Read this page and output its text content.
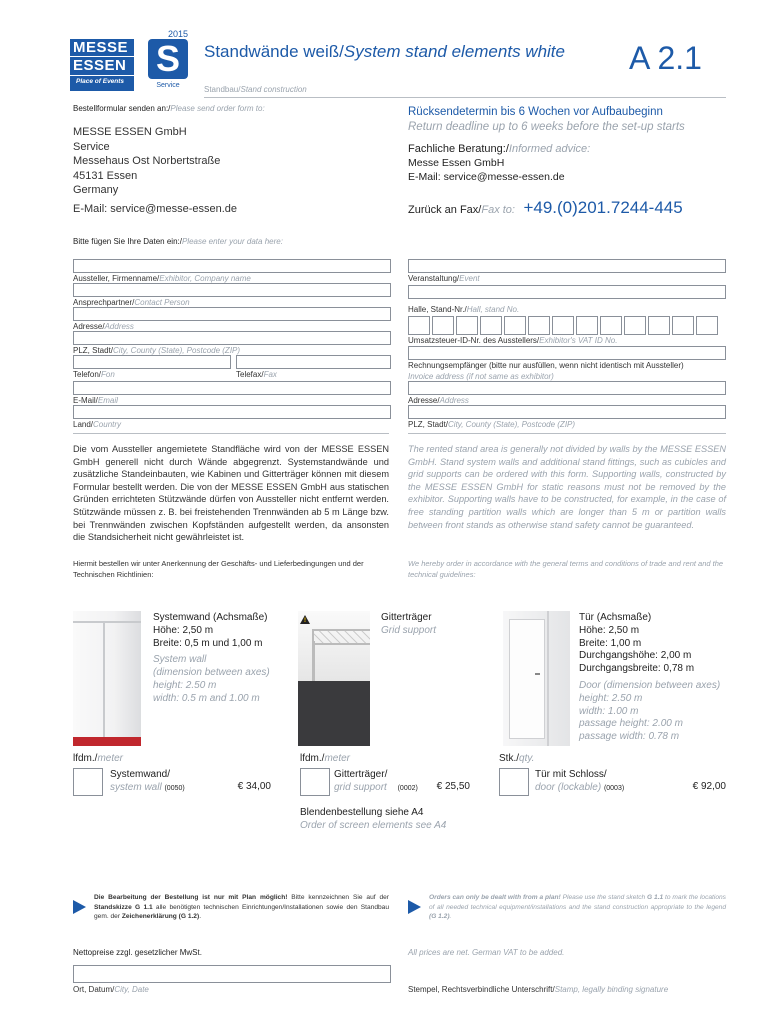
2015
MESSE
ESSEN
Place of Events
S
Service
Standwände weiß/System stand elements white A 2.1
Standbau/Stand construction
Bestellformular senden an:/Please send order form to:
MESSE ESSEN GmbH
Service
Messehaus Ost Norbertstraße
45131 Essen
Germany
E-Mail: service@messe-essen.de
Rücksendetermin bis 6 Wochen vor Aufbaubeginn
Return deadline up to 6 weeks before the set-up starts
Fachliche Beratung:/Informed advice:
Messe Essen GmbH
E-Mail: service@messe-essen.de
Zurück an Fax/Fax to: +49.(0)201.7244-445
Bitte fügen Sie Ihre Daten ein:/Please enter your data here:
Aussteller, Firmenname/Exhibitor, Company name
Ansprechpartner/Contact Person
Adresse/Address
PLZ, Stadt/City, County (State), Postcode (ZIP)
Telefon/Fon	Telefax/Fax
E-Mail/Email
Land/Country
Veranstaltung/Event
Halle, Stand-Nr./Hall, stand No.
Umsatzsteuer-ID-Nr. des Ausstellers/Exhibitor's VAT ID No.
Rechnungsempfänger (bitte nur ausfüllen, wenn nicht identisch mit Aussteller)
Invoice address (if not same as exhibitor)
Adresse/Address
PLZ, Stadt/City, County (State), Postcode (ZIP)
Die vom Aussteller angemietete Standfläche wird von der MESSE ESSEN GmbH generell nicht durch Wände abgegrenzt. Systemstandwände und zusätzliche Standeinbauten, wie Kabinen und Gitterträger können mit diesem Formular bestellt werden. Die von der MESSE ESSEN GmbH aus statischen Gründen errichteten Stützwände dürfen von Aussteller nicht entfernt werden. Stützwände müssen z. B. bei freistehenden Trennwänden ab 5 m Länge bzw. bei Trennwänden zwischen Kopfständen aufgestellt werden, da ansonsten die Standsicherheit nicht gewährleistet ist.
The rented stand area is generally not divided by walls by the MESSE ESSEN GmbH. Stand system walls and additional stand fittings, such as cubicles and grid supports can be ordered with this form. Supporting walls, constructed by the MESSE ESSEN GmbH for static reasons must not be removed by the exhibitor. Supporting walls have to be constructed, for example, in the case of free standing partition walls which are longer than 5 m or partition walls between front stands as otherwise stand safety cannot be guaranteed.
Hiermit bestellen wir unter Anerkennung der Geschäfts- und Lieferbedingungen und der Technischen Richtlinien:
We hereby order in accordance with the general terms and conditions of trade and rent and the technical guidelines:
!
Systemwand (Achsmaße)
Höhe: 2,50 m
Breite: 0,5 m und 1,00 m
System wall
(dimension between axes)
height: 2.50 m
width: 0.5 m and 1.00 m
Gitterträger
Grid support
Tür (Achsmaße)
Höhe: 2,50 m
Breite: 1,00 m
Durchgangshöhe: 2,00 m
Durchgangsbreite: 0,78 m
Door (dimension between axes)
height: 2.50 m
width: 1.00 m
passage height: 2.00 m
passage width: 0.78 m
lfdm./meter
Systemwand/
system wall (0050)	€ 34,00
lfdm./meter
Gitterträger/
grid support (0002)	€ 25,50
Stk./qty.
Tür mit Schloss/
door (lockable) (0003)	€ 92,00
Blendenbestellung siehe A4
Order of screen elements see A4
Die Bearbeitung der Bestellung ist nur mit Plan möglich! Bitte kennzeichnen Sie auf der Standskizze G 1.1 alle benötigten technischen Einrichtungen/Installationen sowie den Standbau gem. der Zeichenerklärung (G 1.2).
Orders can only be dealt with from a plan! Please use the stand sketch G 1.1 to mark the locations of all needed technical equipment/installations and the stand construction appropriate to the legend (G 1.2).
Nettopreise zzgl. gesetzlicher MwSt.	All prices are net. German VAT to be added.
Ort, Datum/City, Date	Stempel, Rechtsverbindliche Unterschrift/Stamp, legally binding signature
